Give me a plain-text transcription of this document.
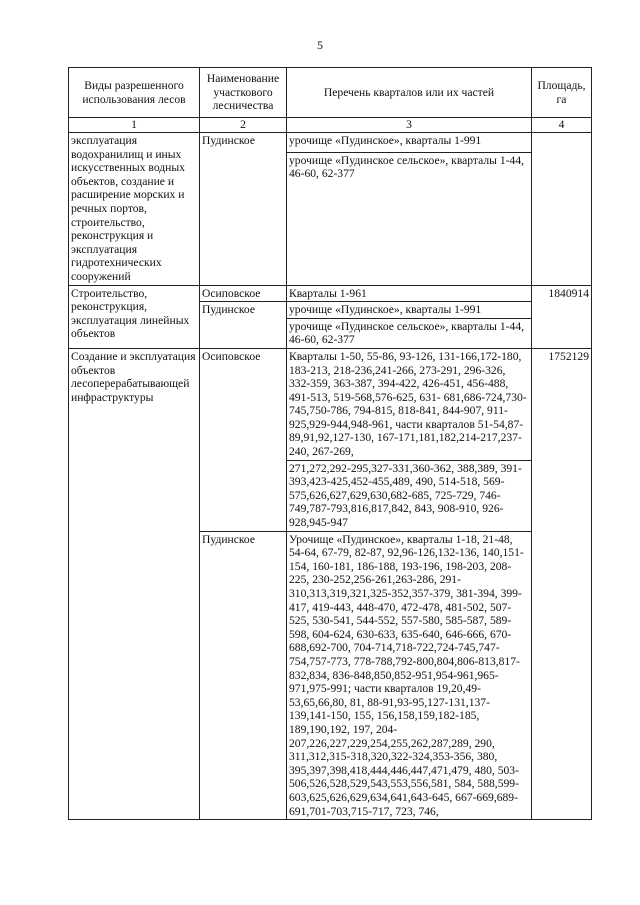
5
Виды разрешенного использования лесов	Наименование участкового лесничества	Перечень кварталов или их частей	Площадь, га
1	2	3	4
эксплуатация водохранилищ и иных искусственных водных объектов, создание и расширение морских и речных портов, строительство, реконструкция и эксплуатация гидротехнических сооружений	Пудинское	урочище «Пудинское», кварталы 1-991	
		урочище «Пудинское сельское», кварталы 1-44, 46-60, 62-377	
Строительство, реконструкция, эксплуатация линейных объектов	Осиповское	Кварталы 1-961	1840914
	Пудинское	урочище «Пудинское», кварталы 1-991	
		урочище «Пудинское сельское», кварталы 1-44, 46-60, 62-377	
Создание и эксплуатация объектов лесоперерабатывающей инфраструктуры	Осиповское	Кварталы 1-50, 55-86, 93-126, 131-166,172-180, 183-213, 218-236,241-266, 273-291, 296-326, 332-359, 363-387, 394-422, 426-451, 456-488, 491-513, 519-568,576-625, 631- 681,686-724,730-745,750-786, 794-815, 818-841, 844-907, 911-925,929-944,948-961, части кварталов 51-54,87-89,91,92,127-130, 167-171,181,182,214-217,237-240, 267-269,	1752129
		271,272,292-295,327-331,360-362, 388,389, 391-393,423-425,452-455,489, 490, 514-518, 569-575,626,627,629,630,682-685, 725-729, 746-749,787-793,816,817,842, 843, 908-910, 926-928,945-947	
	Пудинское	Урочище «Пудинское», кварталы 1-18, 21-48, 54-64, 67-79, 82-87, 92,96-126,132-136, 140,151-154, 160-181, 186-188, 193-196, 198-203, 208-225, 230-252,256-261,263-286, 291-310,313,319,321,325-352,357-379, 381-394, 399-417, 419-443, 448-470, 472-478, 481-502, 507-525, 530-541, 544-552, 557-580, 585-587, 589-598, 604-624, 630-633, 635-640, 646-666, 670-688,692-700, 704-714,718-722,724-745,747-754,757-773, 778-788,792-800,804,806-813,817-832,834, 836-848,850,852-951,954-961,965-971,975-991; части кварталов 19,20,49-53,65,66,80, 81, 88-91,93-95,127-131,137-139,141-150, 155, 156,158,159,182-185, 189,190,192, 197, 204-207,226,227,229,254,255,262,287,289, 290, 311,312,315-318,320,322-324,353-356, 380, 395,397,398,418,444,446,447,471,479, 480, 503-506,526,528,529,543,553,556,581, 584, 588,599-603,625,626,629,634,641,643-645, 667-669,689-691,701-703,715-717, 723, 746,	
